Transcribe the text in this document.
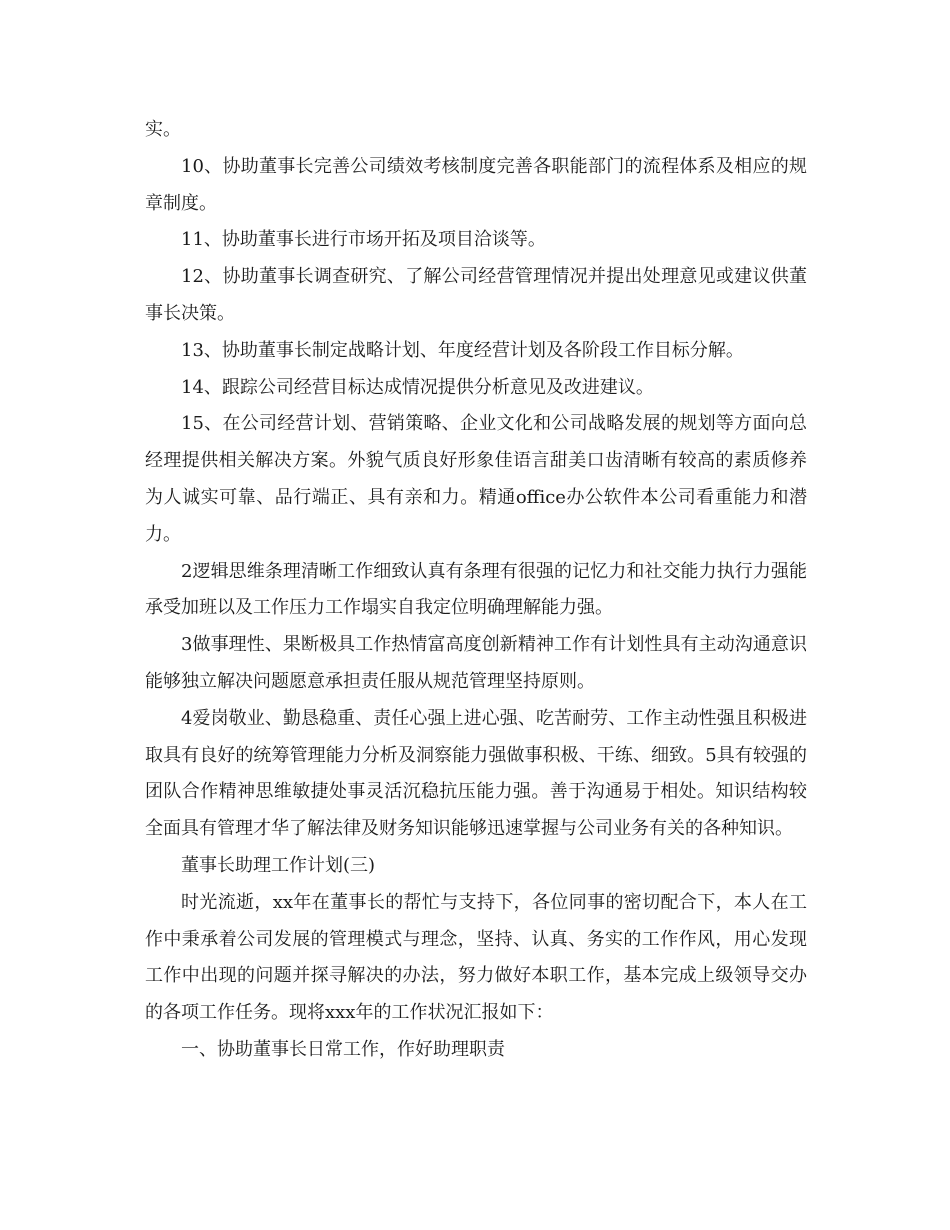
实。

10、协助董事长完善公司绩效考核制度完善各职能部门的流程体系及相应的规章制度。

11、协助董事长进行市场开拓及项目洽谈等。

12、协助董事长调查研究、了解公司经营管理情况并提出处理意见或建议供董事长决策。

13、协助董事长制定战略计划、年度经营计划及各阶段工作目标分解。

14、跟踪公司经营目标达成情况提供分析意见及改进建议。

15、在公司经营计划、营销策略、企业文化和公司战略发展的规划等方面向总经理提供相关解决方案。外貌气质良好形象佳语言甜美口齿清晰有较高的素质修养为人诚实可靠、品行端正、具有亲和力。精通office办公软件本公司看重能力和潜力。

2逻辑思维条理清晰工作细致认真有条理有很强的记忆力和社交能力执行力强能承受加班以及工作压力工作塌实自我定位明确理解能力强。

3做事理性、果断极具工作热情富高度创新精神工作有计划性具有主动沟通意识能够独立解决问题愿意承担责任服从规范管理坚持原则。

4爱岗敬业、勤恳稳重、责任心强上进心强、吃苦耐劳、工作主动性强且积极进取具有良好的统筹管理能力分析及洞察能力强做事积极、干练、细致。5具有较强的团队合作精神思维敏捷处事灵活沉稳抗压能力强。善于沟通易于相处。知识结构较全面具有管理才华了解法律及财务知识能够迅速掌握与公司业务有关的各种知识。

董事长助理工作计划(三)

时光流逝，xx年在董事长的帮忙与支持下，各位同事的密切配合下，本人在工作中秉承着公司发展的管理模式与理念，坚持、认真、务实的工作作风，用心发现工作中出现的问题并探寻解决的办法，努力做好本职工作，基本完成上级领导交办的各项工作任务。现将xxx年的工作状况汇报如下：

一、协助董事长日常工作，作好助理职责
